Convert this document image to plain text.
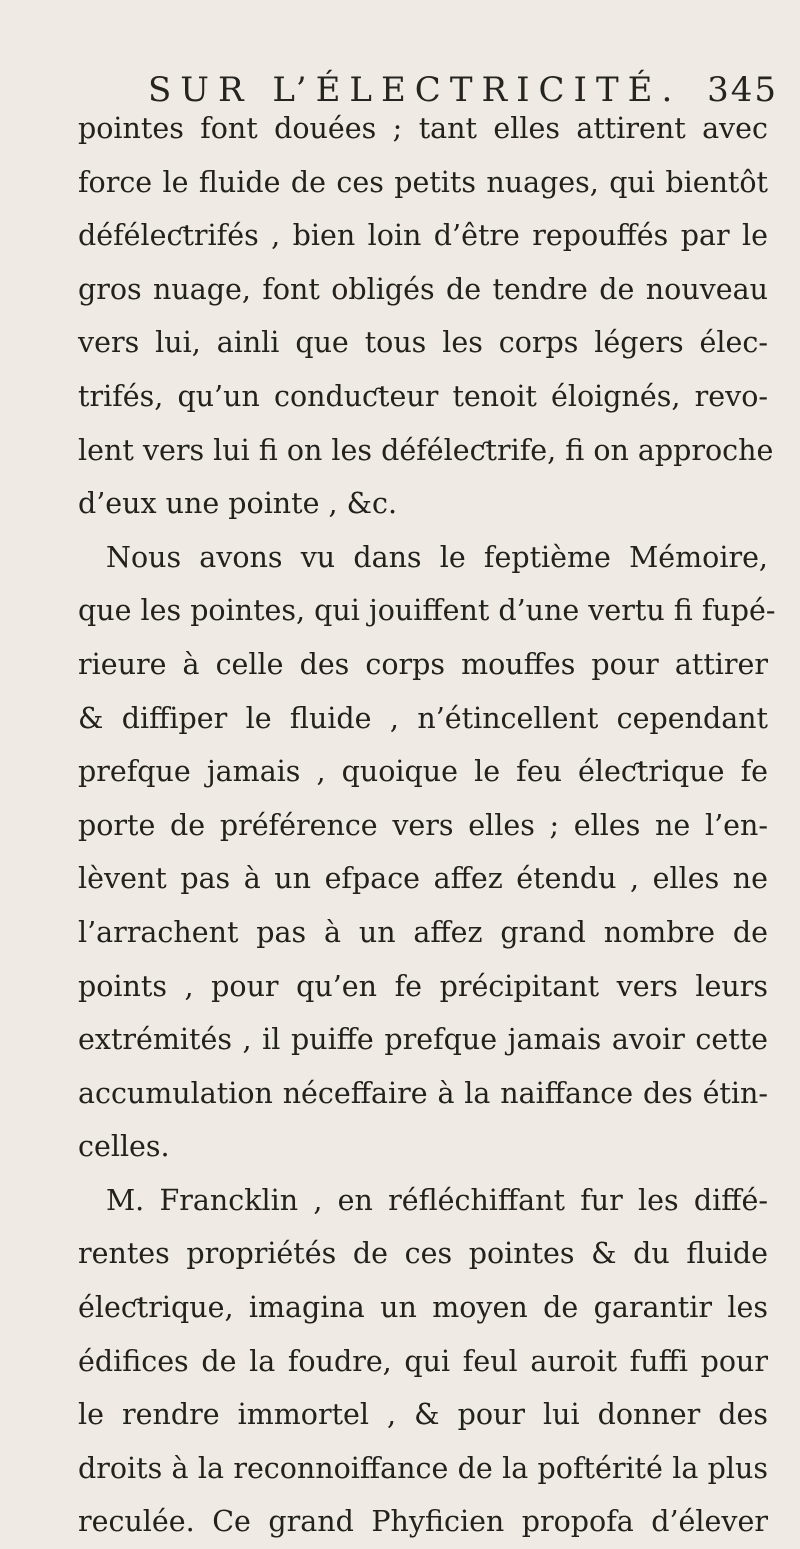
SUR L’ÉLECTRICITÉ. 345
pointes font douées ; tant elles attirent avec
force le fluide de ces petits nuages, qui bientôt
déféleƈtrifés , bien loin d’être repouffés par le
gros nuage, font obligés de tendre de nouveau
vers lui, ainli que tous les corps légers élec-
trifés, qu’un conduƈteur tenoit éloignés, revo-
lent vers lui fi on les déféleƈtrife, fi on approche
d’eux une pointe , &c.
Nous avons vu dans le feptième Mémoire,
que les pointes, qui jouiffent d’une vertu fi fupé-
rieure à celle des corps mouffes pour attirer
& diffiper le fluide , n’étincellent cependant
prefque jamais , quoique le feu éleƈtrique fe
porte de préférence vers elles ; elles ne l’en-
lèvent pas à un efpace affez étendu , elles ne
l’arrachent pas à un affez grand nombre de
points , pour qu’en fe précipitant vers leurs
extrémités , il puiffe prefque jamais avoir cette
accumulation néceffaire à la naiffance des étin-
celles.
M. Francklin , en réfléchiffant fur les diffé-
rentes propriétés de ces pointes & du fluide
éleƈtrique, imagina un moyen de garantir les
édifices de la foudre, qui feul auroit fuffi pour
le rendre immortel , & pour lui donner des
droits à la reconnoiffance de la poftérité la plus
reculée. Ce grand Phyficien propofa d’élever
